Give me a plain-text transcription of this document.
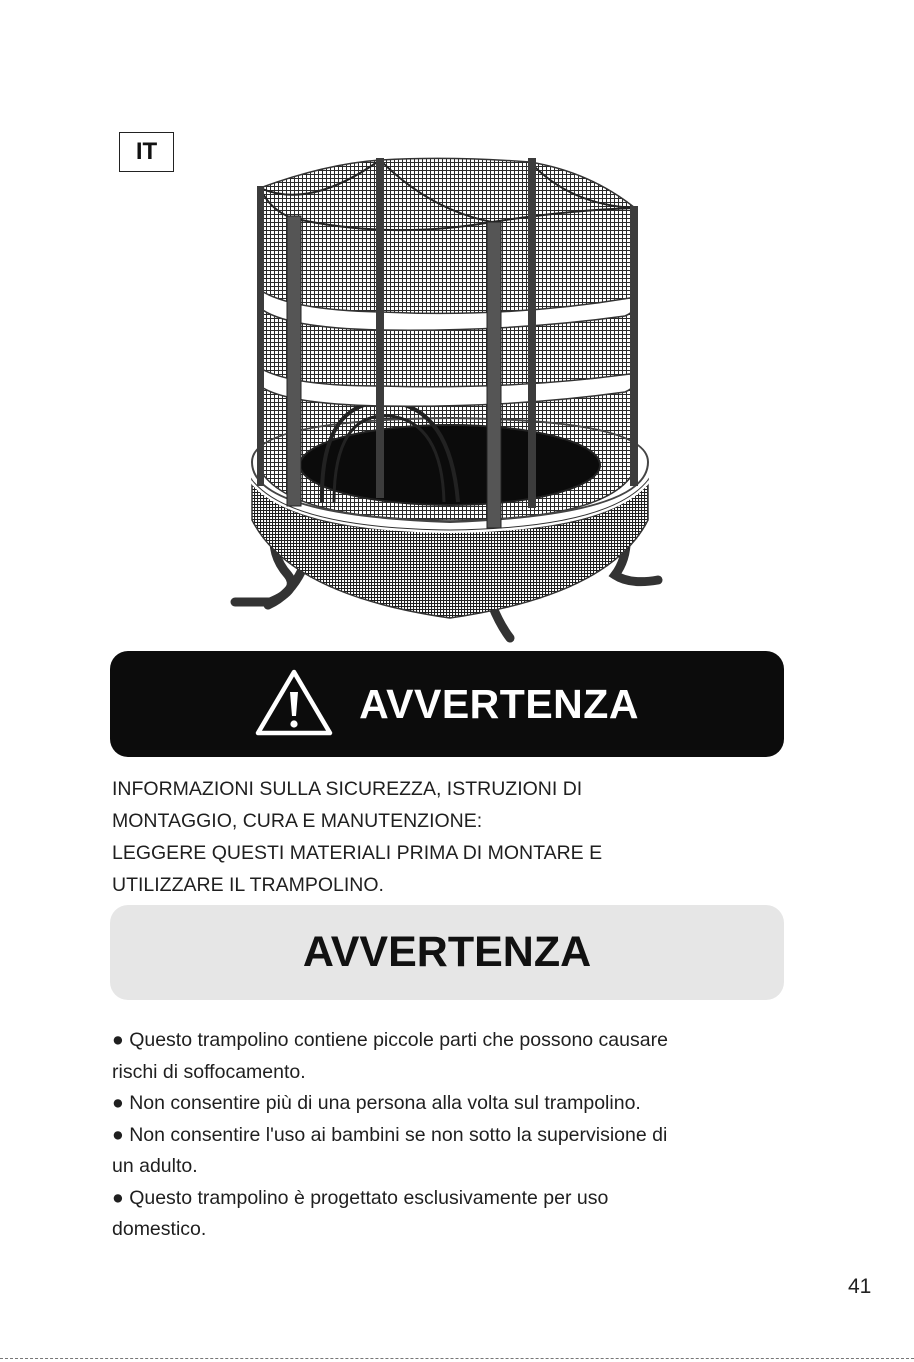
IT
AVVERTENZA
INFORMAZIONI SULLA SICUREZZA, ISTRUZIONI DI
MONTAGGIO, CURA E MANUTENZIONE:
LEGGERE QUESTI MATERIALI PRIMA DI MONTARE E
UTILIZZARE IL TRAMPOLINO.
AVVERTENZA
● Questo trampolino contiene piccole parti che possono causare
rischi di soffocamento.
● Non consentire più di una persona alla volta sul trampolino.
● Non consentire l'uso ai bambini se non sotto la supervisione di
un adulto.
● Questo trampolino è progettato esclusivamente per uso
domestico.
41
